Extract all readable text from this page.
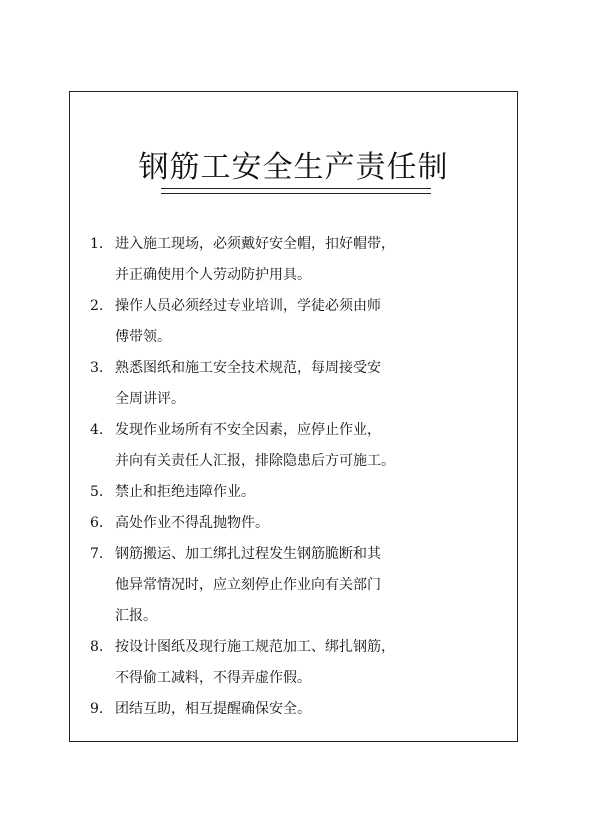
钢筋工安全生产责任制
1. 进入施工现场，必须戴好安全帽，扣好帽带，
并正确使用个人劳动防护用具。
2. 操作人员必须经过专业培训，学徒必须由师
傅带领。
3. 熟悉图纸和施工安全技术规范，每周接受安
全周讲评。
4. 发现作业场所有不安全因素，应停止作业，
并向有关责任人汇报，排除隐患后方可施工。
5. 禁止和拒绝违障作业。
6. 高处作业不得乱抛物件。
7. 钢筋搬运、加工绑扎过程发生钢筋脆断和其
他异常情况时，应立刻停止作业向有关部门
汇报。
8. 按设计图纸及现行施工规范加工、绑扎钢筋，
不得偷工减料，不得弄虚作假。
9. 团结互助，相互提醒确保安全。
